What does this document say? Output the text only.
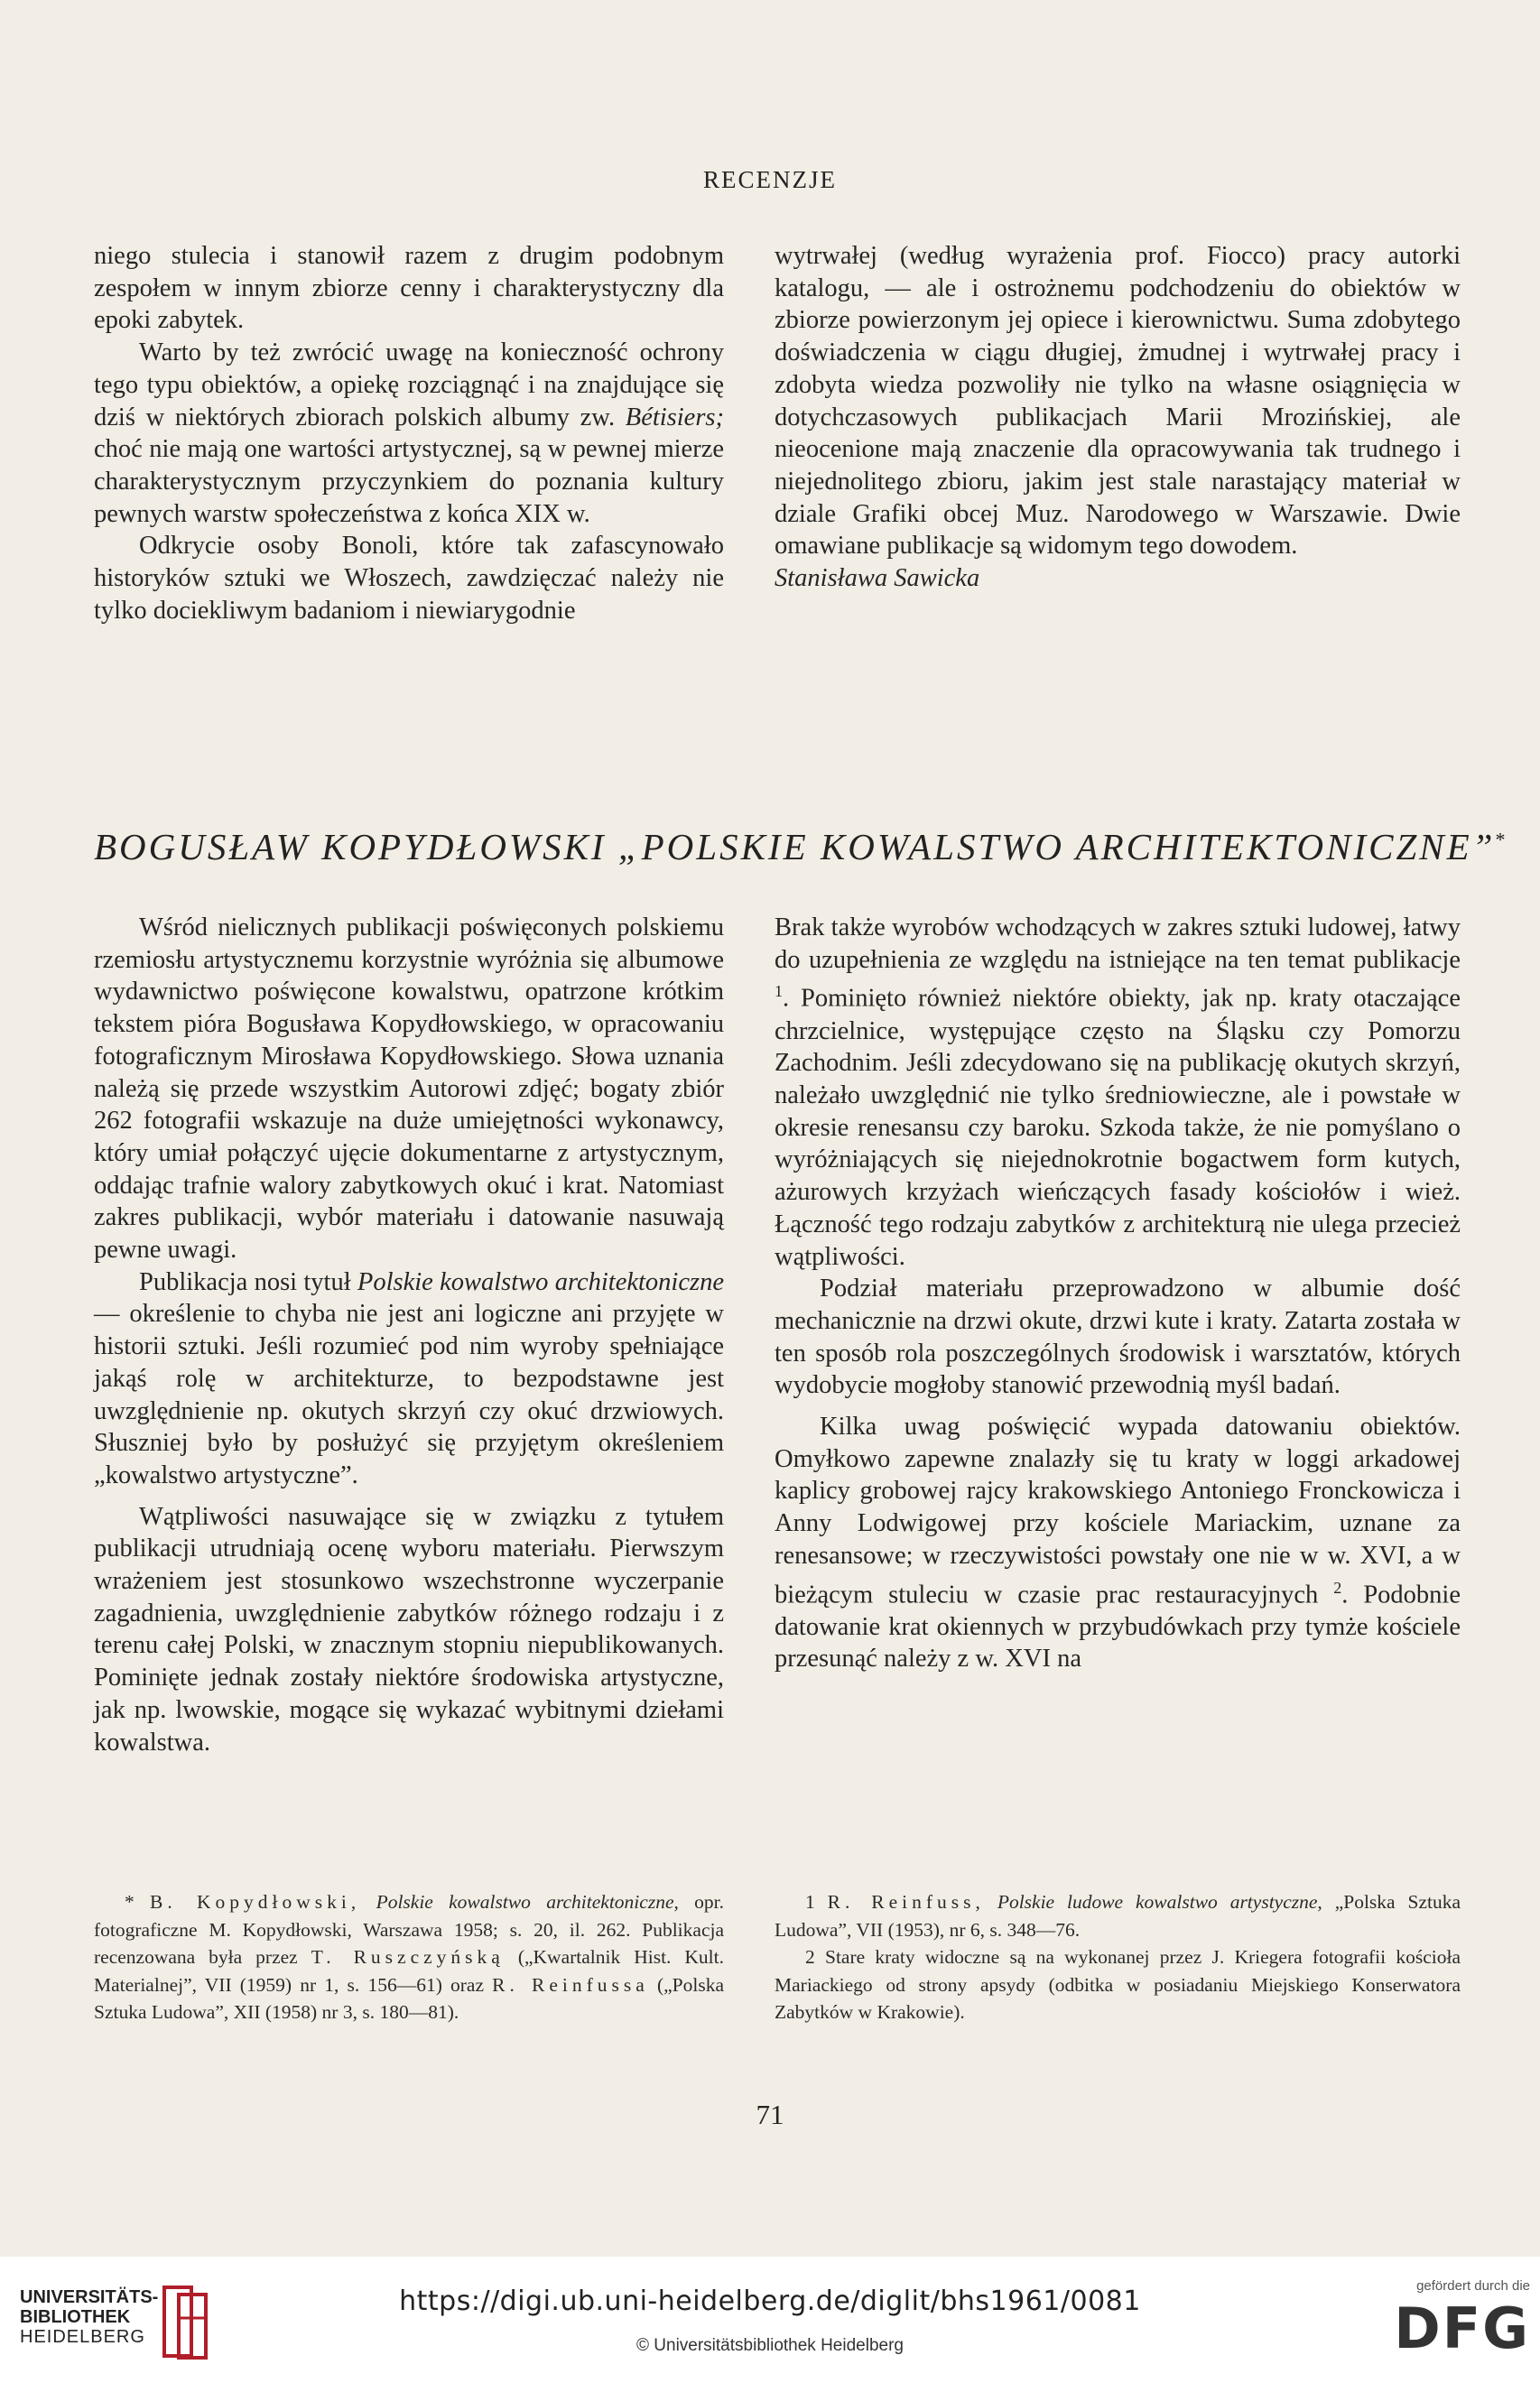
RECENZJE

niego stulecia i stanowił razem z drugim podobnym zespołem w innym zbiorze cenny i charakterystyczny dla epoki zabytek.

Warto by też zwrócić uwagę na konieczność ochrony tego typu obiektów, a opiekę rozciągnąć i na znajdujące się dziś w niektórych zbiorach polskich albumy zw. Bétisiers; choć nie mają one wartości artystycznej, są w pewnej mierze charakterystycznym przyczynkiem do poznania kultury pewnych warstw społeczeństwa z końca XIX w.

Odkrycie osoby Bonoli, które tak zafascynowało historyków sztuki we Włoszech, zawdzięczać należy nie tylko dociekliwym badaniom i niewiarygodnie

wytrwałej (według wyrażenia prof. Fiocco) pracy autorki katalogu, — ale i ostrożnemu podchodzeniu do obiektów w zbiorze powierzonym jej opiece i kierownictwu. Suma zdobytego doświadczenia w ciągu długiej, żmudnej i wytrwałej pracy i zdobyta wiedza pozwoliły nie tylko na własne osiągnięcia w dotychczasowych publikacjach Marii Mrozińskiej, ale nieocenione mają znaczenie dla opracowywania tak trudnego i niejednolitego zbioru, jakim jest stale narastający materiał w dziale Grafiki obcej Muz. Narodowego w Warszawie. Dwie omawiane publikacje są widomym tego dowodem.

Stanisława Sawicka

BOGUSŁAW KOPYDŁOWSKI „POLSKIE KOWALSTWO ARCHITEKTONICZNE”*

Wśród nielicznych publikacji poświęconych polskiemu rzemiosłu artystycznemu korzystnie wyróżnia się albumowe wydawnictwo poświęcone kowalstwu, opatrzone krótkim tekstem pióra Bogusława Kopydłowskiego, w opracowaniu fotograficznym Mirosława Kopydłowskiego. Słowa uznania należą się przede wszystkim Autorowi zdjęć; bogaty zbiór 262 fotografii wskazuje na duże umiejętności wykonawcy, który umiał połączyć ujęcie dokumentarne z artystycznym, oddając trafnie walory zabytkowych okuć i krat. Natomiast zakres publikacji, wybór materiału i datowanie nasuwają pewne uwagi.

Publikacja nosi tytuł Polskie kowalstwo architektoniczne — określenie to chyba nie jest ani logiczne ani przyjęte w historii sztuki. Jeśli rozumieć pod nim wyroby spełniające jakąś rolę w architekturze, to bezpodstawne jest uwzględnienie np. okutych skrzyń czy okuć drzwiowych. Słuszniej było by posłużyć się przyjętym określeniem „kowalstwo artystyczne”.

Wątpliwości nasuwające się w związku z tytułem publikacji utrudniają ocenę wyboru materiału. Pierwszym wrażeniem jest stosunkowo wszechstronne wyczerpanie zagadnienia, uwzględnienie zabytków różnego rodzaju i z terenu całej Polski, w znacznym stopniu niepublikowanych. Pominięte jednak zostały niektóre środowiska artystyczne, jak np. lwowskie, mogące się wykazać wybitnymi dziełami kowalstwa.

Brak także wyrobów wchodzących w zakres sztuki ludowej, łatwy do uzupełnienia ze względu na istniejące na ten temat publikacje $^1$. Pominięto również niektóre obiekty, jak np. kraty otaczające chrzcielnice, występujące często na Śląsku czy Pomorzu Zachodnim. Jeśli zdecydowano się na publikację okutych skrzyń, należało uwzględnić nie tylko średniowieczne, ale i powstałe w okresie renesansu czy baroku. Szkoda także, że nie pomyślano o wyróżniających się niejednokrotnie bogactwem form kutych, ażurowych krzyżach wieńczących fasady kościołów i wież. Łączność tego rodzaju zabytków z architekturą nie ulega przecież wątpliwości.

Podział materiału przeprowadzono w albumie dość mechanicznie na drzwi okute, drzwi kute i kraty. Zatarta została w ten sposób rola poszczególnych środowisk i warsztatów, których wydobycie mogłoby stanowić przewodnią myśl badań.

Kilka uwag poświęcić wypada datowaniu obiektów. Omyłkowo zapewne znalazły się tu kraty w loggi arkadowej kaplicy grobowej rajcy krakowskiego Antoniego Fronckowicza i Anny Lodwigowej przy kościele Mariackim, uznane za renesansowe; w rzeczywistości powstały one nie w w. XVI, a w bieżącym stuleciu w czasie prac restauracyjnych $^2$. Podobnie datowanie krat okiennych w przybudówkach przy tymże kościele przesunąć należy z w. XVI na

* B. Kopydłowski, Polskie kowalstwo architektoniczne, opr. fotograficzne M. Kopydłowski, Warszawa 1958; s. 20, il. 262. Publikacja recenzowana była przez T. Ruszczyńską („Kwartalnik Hist. Kult. Materialnej”, VII (1959) nr 1, s. 156—61) oraz R. Reinfussa („Polska Sztuka Ludowa”, XII (1958) nr 3, s. 180—81).

1 R. Reinfuss, Polskie ludowe kowalstwo artystyczne, „Polska Sztuka Ludowa”, VII (1953), nr 6, s. 348—76.

2 Stare kraty widoczne są na wykonanej przez J. Kriegera fotografii kościoła Mariackiego od strony apsydy (odbitka w posiadaniu Miejskiego Konserwatora Zabytków w Krakowie).

71
UNIVERSITÄTS-
BIBLIOTHEK
HEIDELBERG
https://digi.ub.uni-heidelberg.de/diglit/bhs1961/0081
© Universitätsbibliothek Heidelberg
gefördert durch die
DFG
